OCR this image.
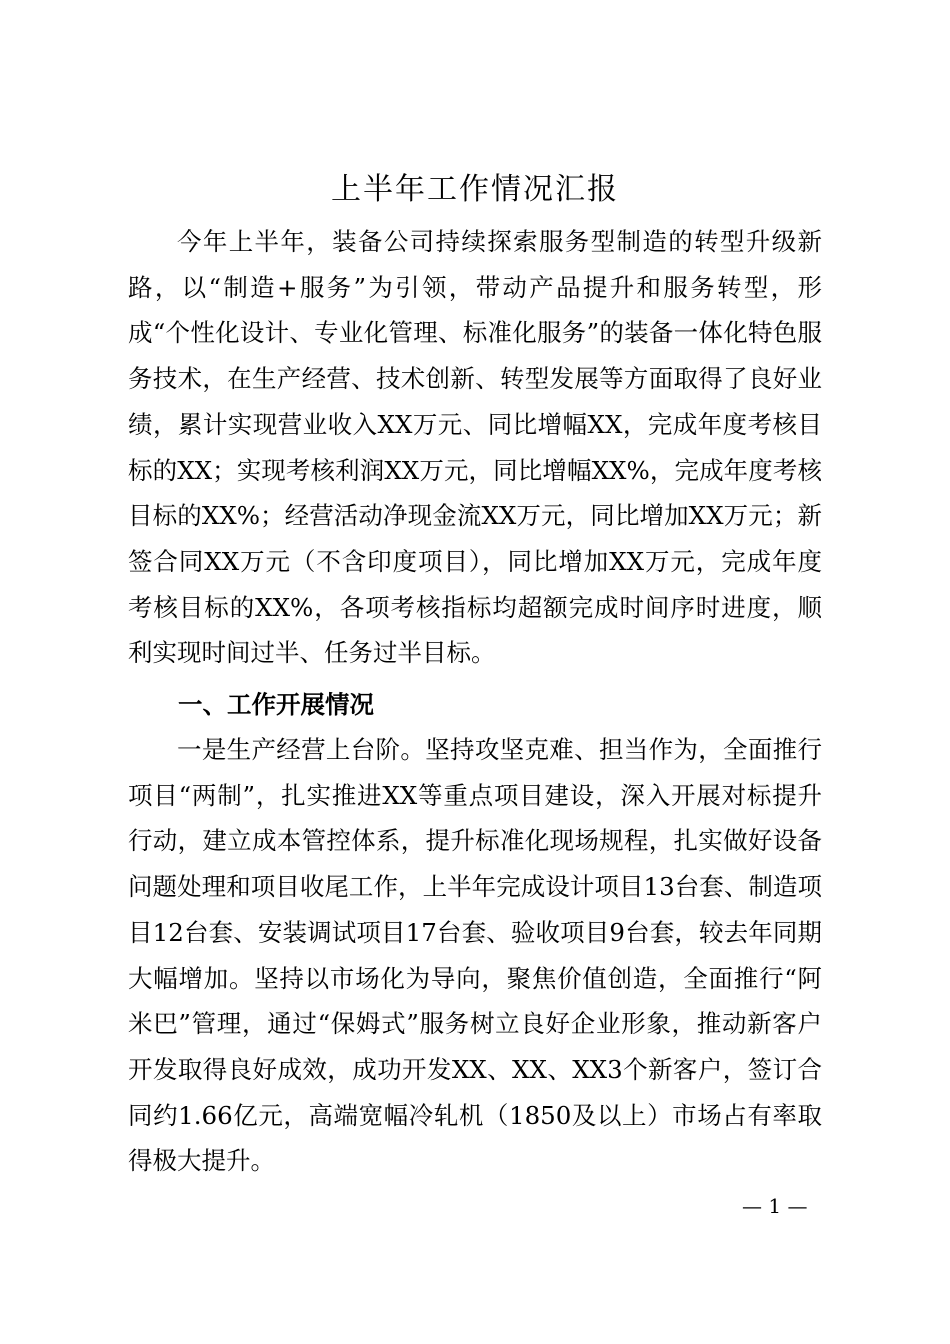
上半年工作情况汇报

今年上半年，装备公司持续探索服务型制造的转型升级新路，以“制造+服务”为引领，带动产品提升和服务转型，形成“个性化设计、专业化管理、标准化服务”的装备一体化特色服务技术，在生产经营、技术创新、转型发展等方面取得了良好业绩，累计实现营业收入XX万元、同比增幅XX，完成年度考核目标的XX；实现考核利润XX万元，同比增幅XX%，完成年度考核目标的XX%；经营活动净现金流XX万元，同比增加XX万元；新签合同XX万元（不含印度项目），同比增加XX万元，完成年度考核目标的XX%，各项考核指标均超额完成时间序时进度，顺利实现时间过半、任务过半目标。

一、工作开展情况

一是生产经营上台阶。坚持攻坚克难、担当作为，全面推行项目“两制”，扎实推进XX等重点项目建设，深入开展对标提升行动，建立成本管控体系，提升标准化现场规程，扎实做好设备问题处理和项目收尾工作，上半年完成设计项目13台套、制造项目12台套、安装调试项目17台套、验收项目9台套，较去年同期大幅增加。坚持以市场化为导向，聚焦价值创造，全面推行“阿米巴”管理，通过“保姆式”服务树立良好企业形象，推动新客户开发取得良好成效，成功开发XX、XX、XX3个新客户，签订合同约1.66亿元，高端宽幅冷轧机（1850及以上）市场占有率取得极大提升。

— 1 —
